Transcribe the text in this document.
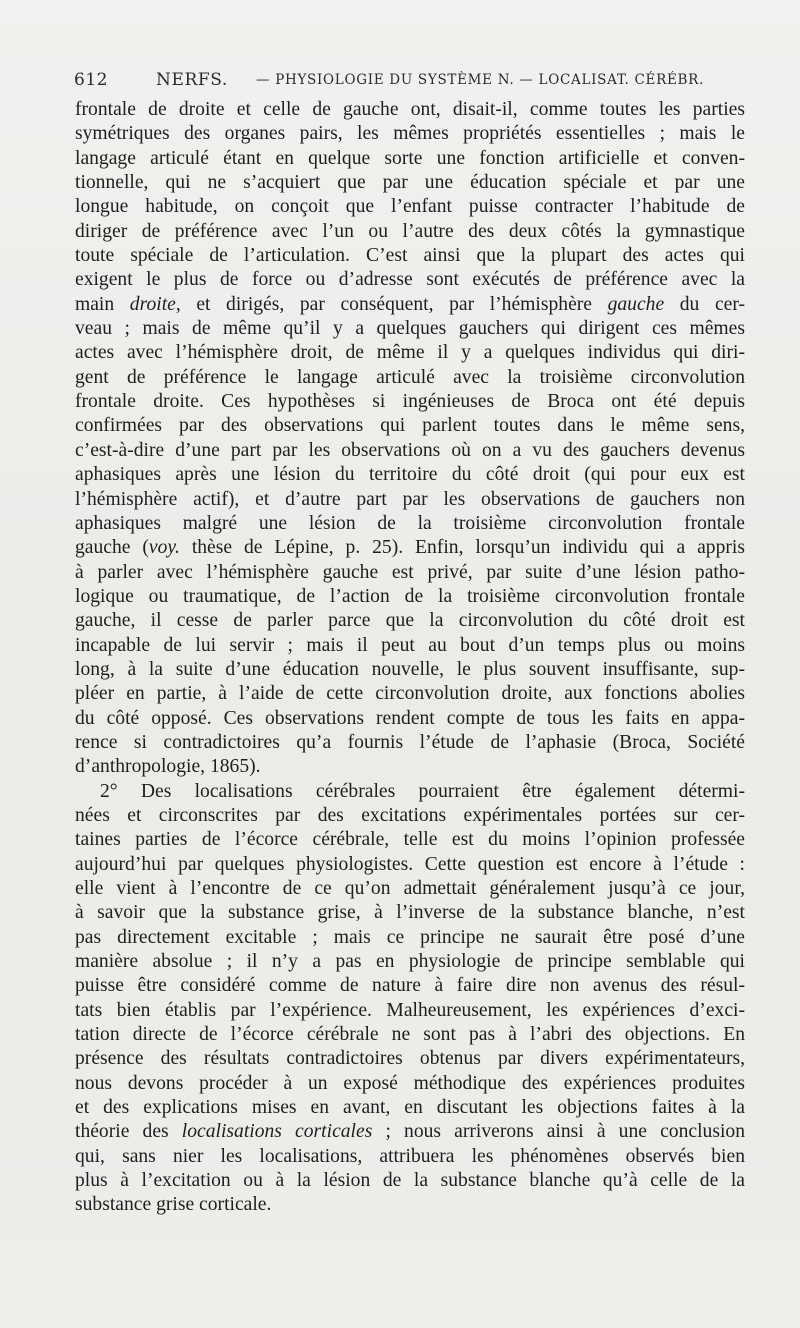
612	NERFS. — PHYSIOLOGIE DU SYSTÈME N. — LOCALISAT. CÉRÉBR.
frontale de droite et celle de gauche ont, disait-il, comme toutes les parties
symétriques des organes pairs, les mêmes propriétés essentielles ; mais le
langage articulé étant en quelque sorte une fonction artificielle et conven-
tionnelle, qui ne s’acquiert que par une éducation spéciale et par une
longue habitude, on conçoit que l’enfant puisse contracter l’habitude de
diriger de préférence avec l’un ou l’autre des deux côtés la gymnastique
toute spéciale de l’articulation. C’est ainsi que la plupart des actes qui
exigent le plus de force ou d’adresse sont exécutés de préférence avec la
main droite, et dirigés, par conséquent, par l’hémisphère gauche du cer-
veau ; mais de même qu’il y a quelques gauchers qui dirigent ces mêmes
actes avec l’hémisphère droit, de même il y a quelques individus qui diri-
gent de préférence le langage articulé avec la troisième circonvolution
frontale droite. Ces hypothèses si ingénieuses de Broca ont été depuis
confirmées par des observations qui parlent toutes dans le même sens,
c’est-à-dire d’une part par les observations où on a vu des gauchers devenus
aphasiques après une lésion du territoire du côté droit (qui pour eux est
l’hémisphère actif), et d’autre part par les observations de gauchers non
aphasiques malgré une lésion de la troisième circonvolution frontale
gauche (voy. thèse de Lépine, p. 25). Enfin, lorsqu’un individu qui a appris
à parler avec l’hémisphère gauche est privé, par suite d’une lésion patho-
logique ou traumatique, de l’action de la troisième circonvolution frontale
gauche, il cesse de parler parce que la circonvolution du côté droit est
incapable de lui servir ; mais il peut au bout d’un temps plus ou moins
long, à la suite d’une éducation nouvelle, le plus souvent insuffisante, sup-
pléer en partie, à l’aide de cette circonvolution droite, aux fonctions abolies
du côté opposé. Ces observations rendent compte de tous les faits en appa-
rence si contradictoires qu’a fournis l’étude de l’aphasie (Broca, Société
d’anthropologie, 1865).
2° Des localisations cérébrales pourraient être également détermi-
nées et circonscrites par des excitations expérimentales portées sur cer-
taines parties de l’écorce cérébrale, telle est du moins l’opinion professée
aujourd’hui par quelques physiologistes. Cette question est encore à l’étude :
elle vient à l’encontre de ce qu’on admettait généralement jusqu’à ce jour,
à savoir que la substance grise, à l’inverse de la substance blanche, n’est
pas directement excitable ; mais ce principe ne saurait être posé d’une
manière absolue ; il n’y a pas en physiologie de principe semblable qui
puisse être considéré comme de nature à faire dire non avenus des résul-
tats bien établis par l’expérience. Malheureusement, les expériences d’exci-
tation directe de l’écorce cérébrale ne sont pas à l’abri des objections. En
présence des résultats contradictoires obtenus par divers expérimentateurs,
nous devons procéder à un exposé méthodique des expériences produites
et des explications mises en avant, en discutant les objections faites à la
théorie des localisations corticales ; nous arriverons ainsi à une conclusion
qui, sans nier les localisations, attribuera les phénomènes observés bien
plus à l’excitation ou à la lésion de la substance blanche qu’à celle de la
substance grise corticale.
